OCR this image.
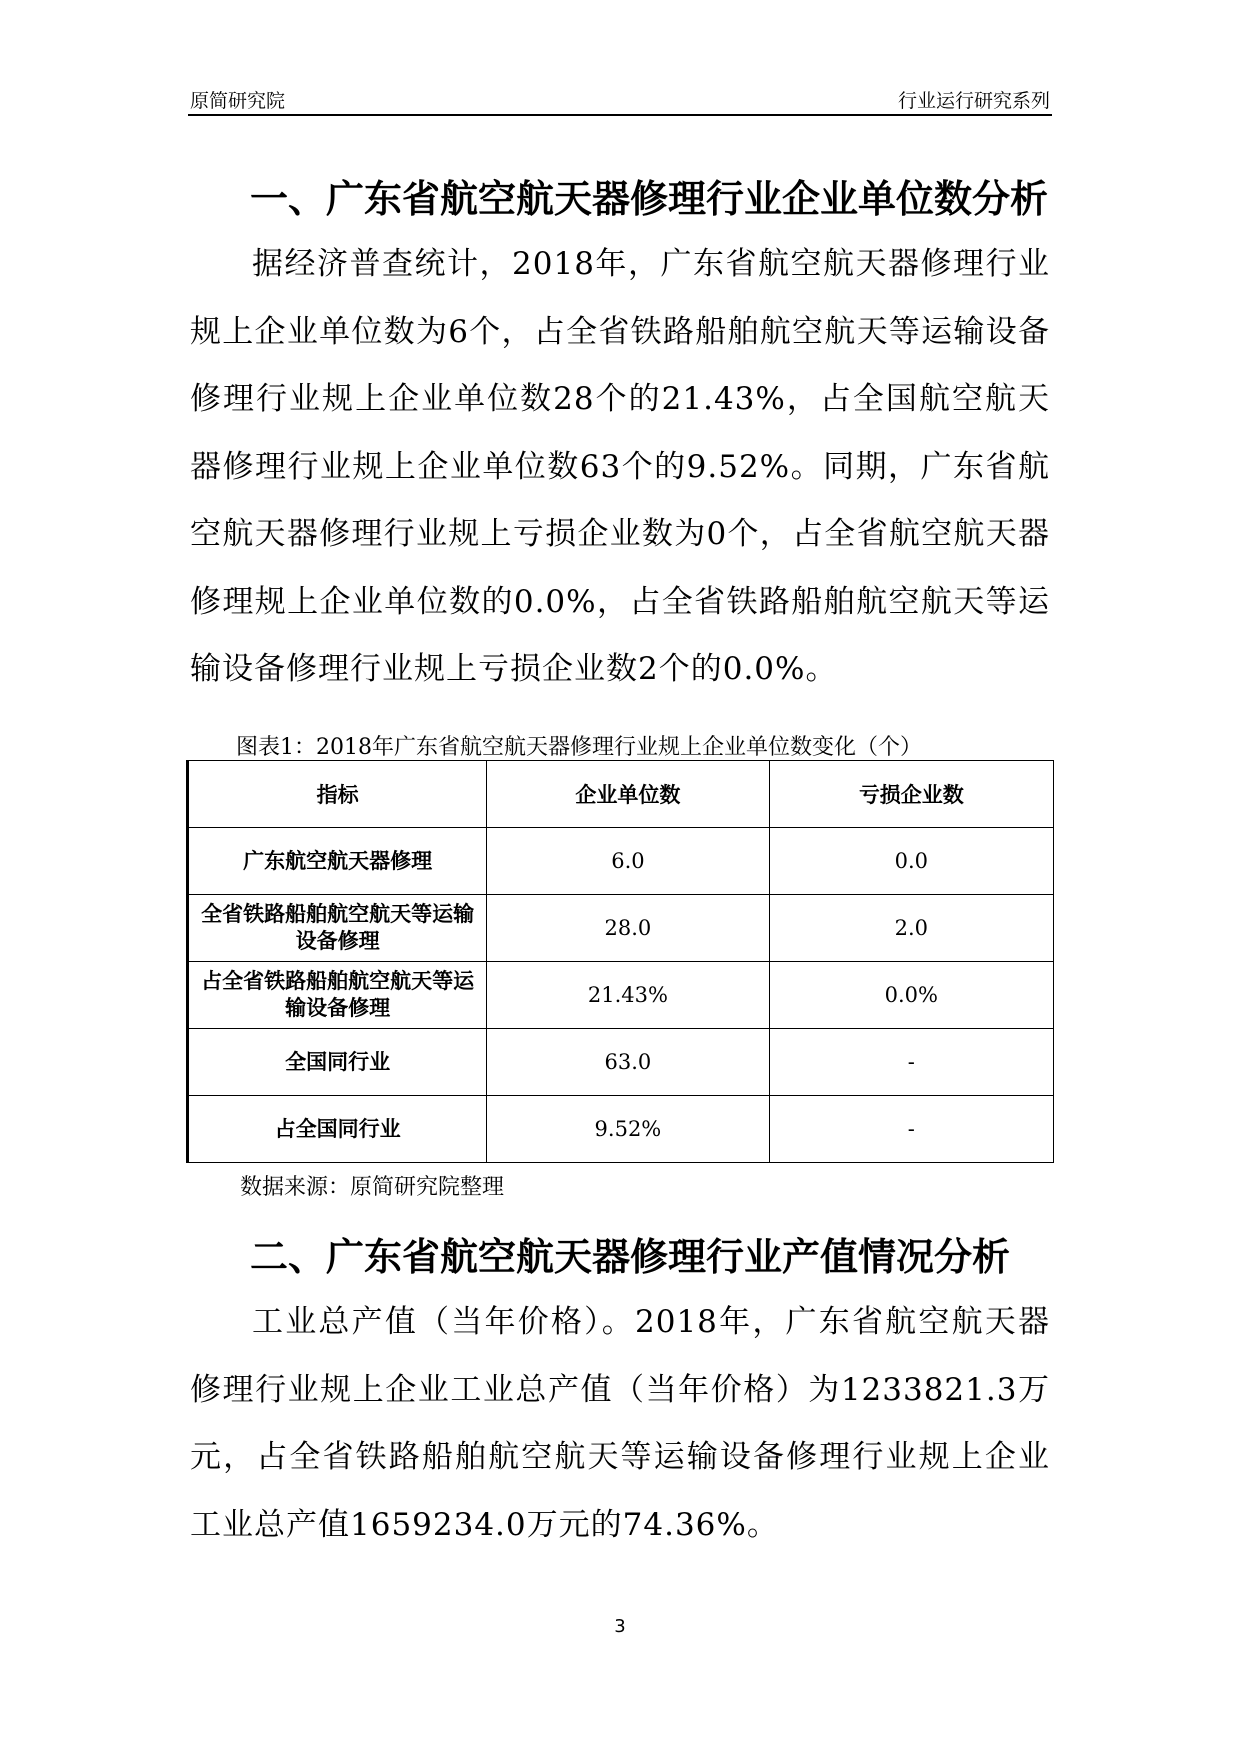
原简研究院	行业运行研究系列
一、广东省航空航天器修理行业企业单位数分析

据经济普查统计，2018年，广东省航空航天器修理行业规上企业单位数为6个，占全省铁路船舶航空航天等运输设备修理行业规上企业单位数28个的21.43%，占全国航空航天器修理行业规上企业单位数63个的9.52%。同期，广东省航空航天器修理行业规上亏损企业数为0个，占全省航空航天器修理规上企业单位数的0.0%，占全省铁路船舶航空航天等运输设备修理行业规上亏损企业数2个的0.0%。

图表1：2018年广东省航空航天器修理行业规上企业单位数变化（个）
指标	企业单位数	亏损企业数
广东航空航天器修理	6.0	0.0
全省铁路船舶航空航天等运输设备修理	28.0	2.0
占全省铁路船舶航空航天等运输设备修理	21.43%	0.0%
全国同行业	63.0	-
占全国同行业	9.52%	-
数据来源：原简研究院整理
二、广东省航空航天器修理行业产值情况分析

工业总产值（当年价格）。2018年，广东省航空航天器修理行业规上企业工业总产值（当年价格）为1233821.3万元，占全省铁路船舶航空航天等运输设备修理行业规上企业工业总产值1659234.0万元的74.36%。

3
